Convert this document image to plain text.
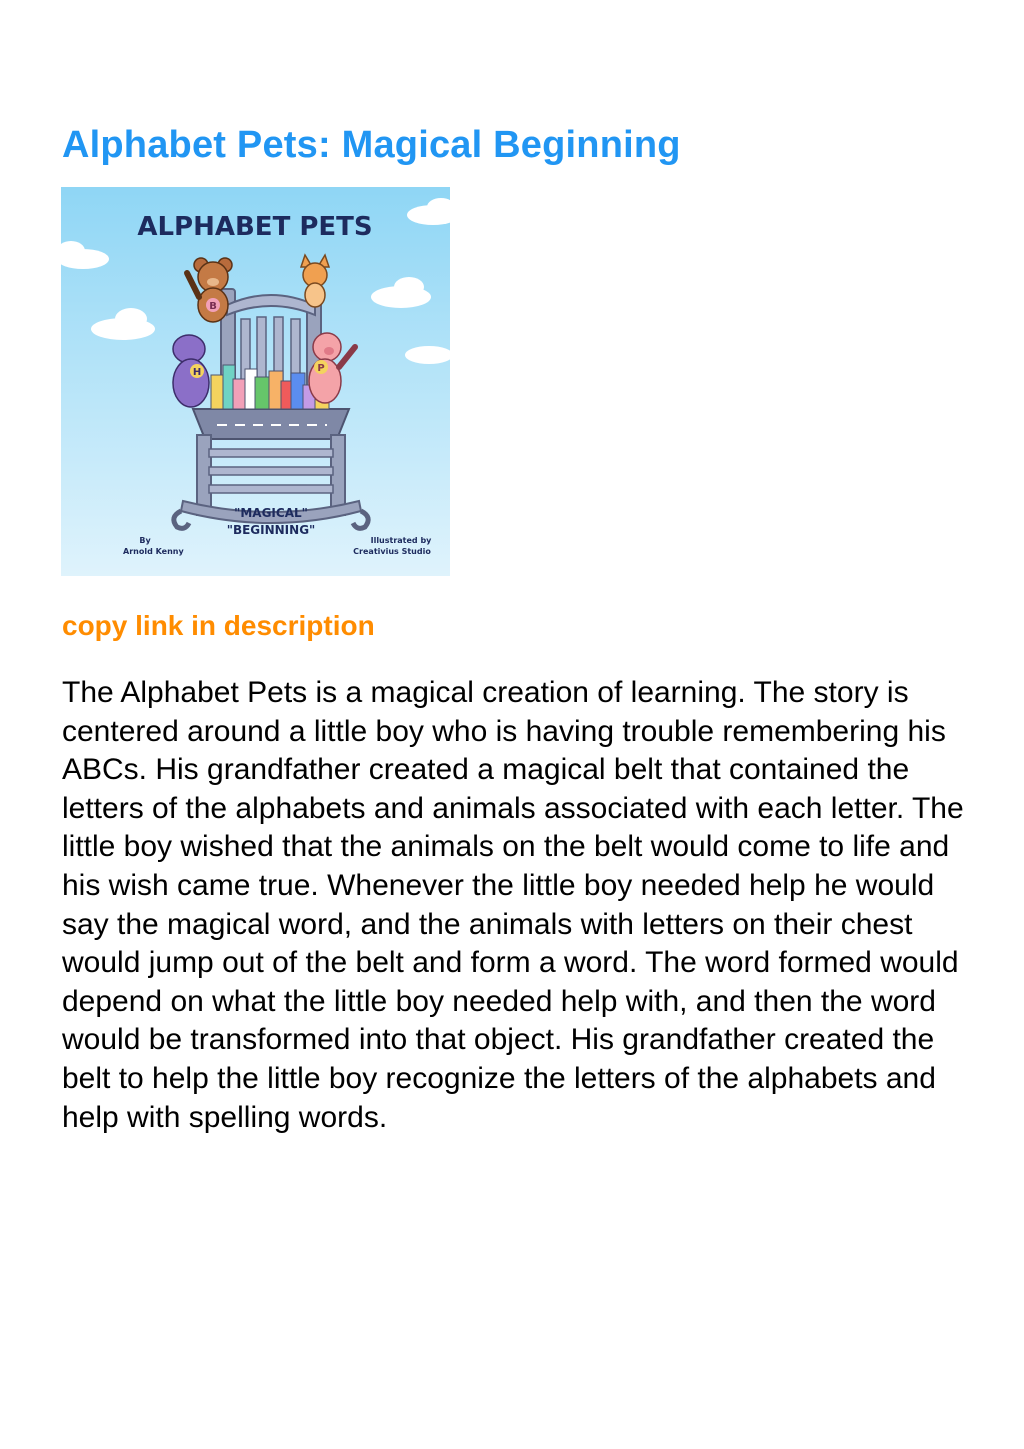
Alphabet Pets: Magical Beginning
ALPHABET PETS
B
H	P
"MAGICAL"
"BEGINNING"
By
Arnold Kenny
Illustrated by
Creativius Studio

copy link in description

The Alphabet Pets is a magical creation of learning. The story is centered around a little boy who is having trouble remembering his ABCs. His grandfather created a magical belt that contained the letters of the alphabets and animals associated with each letter. The little boy wished that the animals on the belt would come to life and his wish came true. Whenever the little boy needed help he would say the magical word, and the animals with letters on their chest would jump out of the belt and form a word. The word formed would depend on what the little boy needed help with, and then the word would be transformed into that object. His grandfather created the belt to help the little boy recognize the letters of the alphabets and help with spelling words.
